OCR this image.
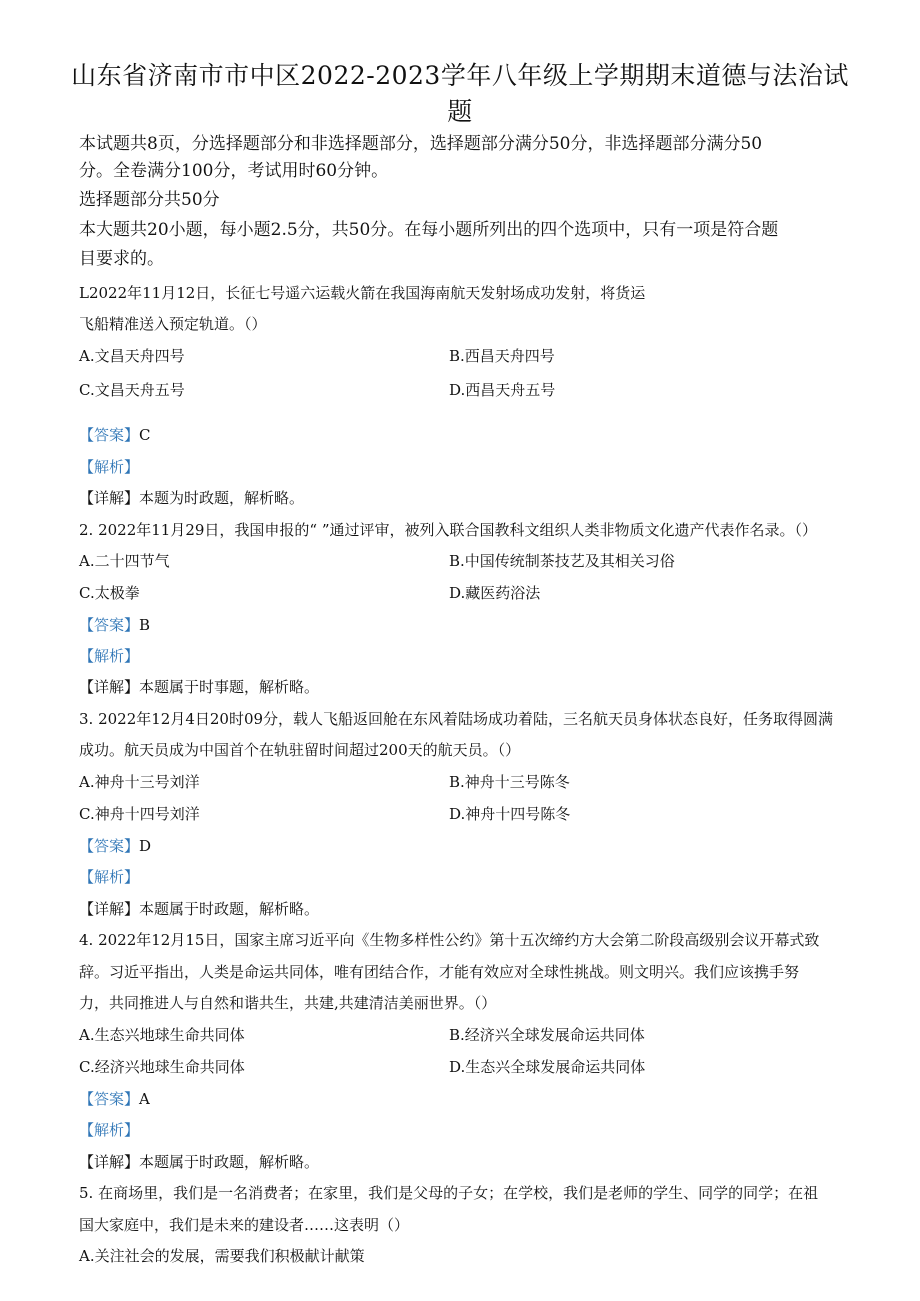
山东省济南市市中区2022-2023学年八年级上学期期末道德与法治试
题
本试题共8页，分选择题部分和非选择题部分，选择题部分满分50分，非选择题部分满分50
分。全卷满分100分，考试用时60分钟。
选择题部分共50分
本大题共20小题，每小题2.5分，共50分。在每小题所列出的四个选项中，只有一项是符合题
目要求的。
L2022年11月12日，长征七号遥六运载火箭在我国海南航天发射场成功发射，将货运
飞船精准送入预定轨道。（）
A.文昌天舟四号	B.西昌天舟四号
C.文昌天舟五号	D.西昌天舟五号
【答案】C
【解析】
【详解】本题为时政题，解析略。
2. 2022年11月29日，我国申报的“ ”通过评审，被列入联合国教科文组织人类非物质文化遗产代表作名录。（）
A.二十四节气	B.中国传统制茶技艺及其相关习俗
C.太极拳	D.藏医药浴法
【答案】B
【解析】
【详解】本题属于时事题，解析略。
3. 2022年12月4日20时09分，载人飞船返回舱在东风着陆场成功着陆，三名航天员身体状态良好，任务取得圆满
成功。航天员成为中国首个在轨驻留时间超过200天的航天员。（）
A.神舟十三号刘洋	B.神舟十三号陈冬
C.神舟十四号刘洋	D.神舟十四号陈冬
【答案】D
【解析】
【详解】本题属于时政题，解析略。
4. 2022年12月15日，国家主席习近平向《生物多样性公约》第十五次缔约方大会第二阶段高级别会议开幕式致
辞。习近平指出，人类是命运共同体，唯有团结合作，才能有效应对全球性挑战。则文明兴。我们应该携手努
力，共同推进人与自然和谐共生，共建,共建清洁美丽世界。（）
A.生态兴地球生命共同体	B.经济兴全球发展命运共同体
C.经济兴地球生命共同体	D.生态兴全球发展命运共同体
【答案】A
【解析】
【详解】本题属于时政题，解析略。
5. 在商场里，我们是一名消费者；在家里，我们是父母的子女；在学校，我们是老师的学生、同学的同学；在祖
国大家庭中，我们是未来的建设者……这表明（）
A.关注社会的发展，需要我们积极献计献策
